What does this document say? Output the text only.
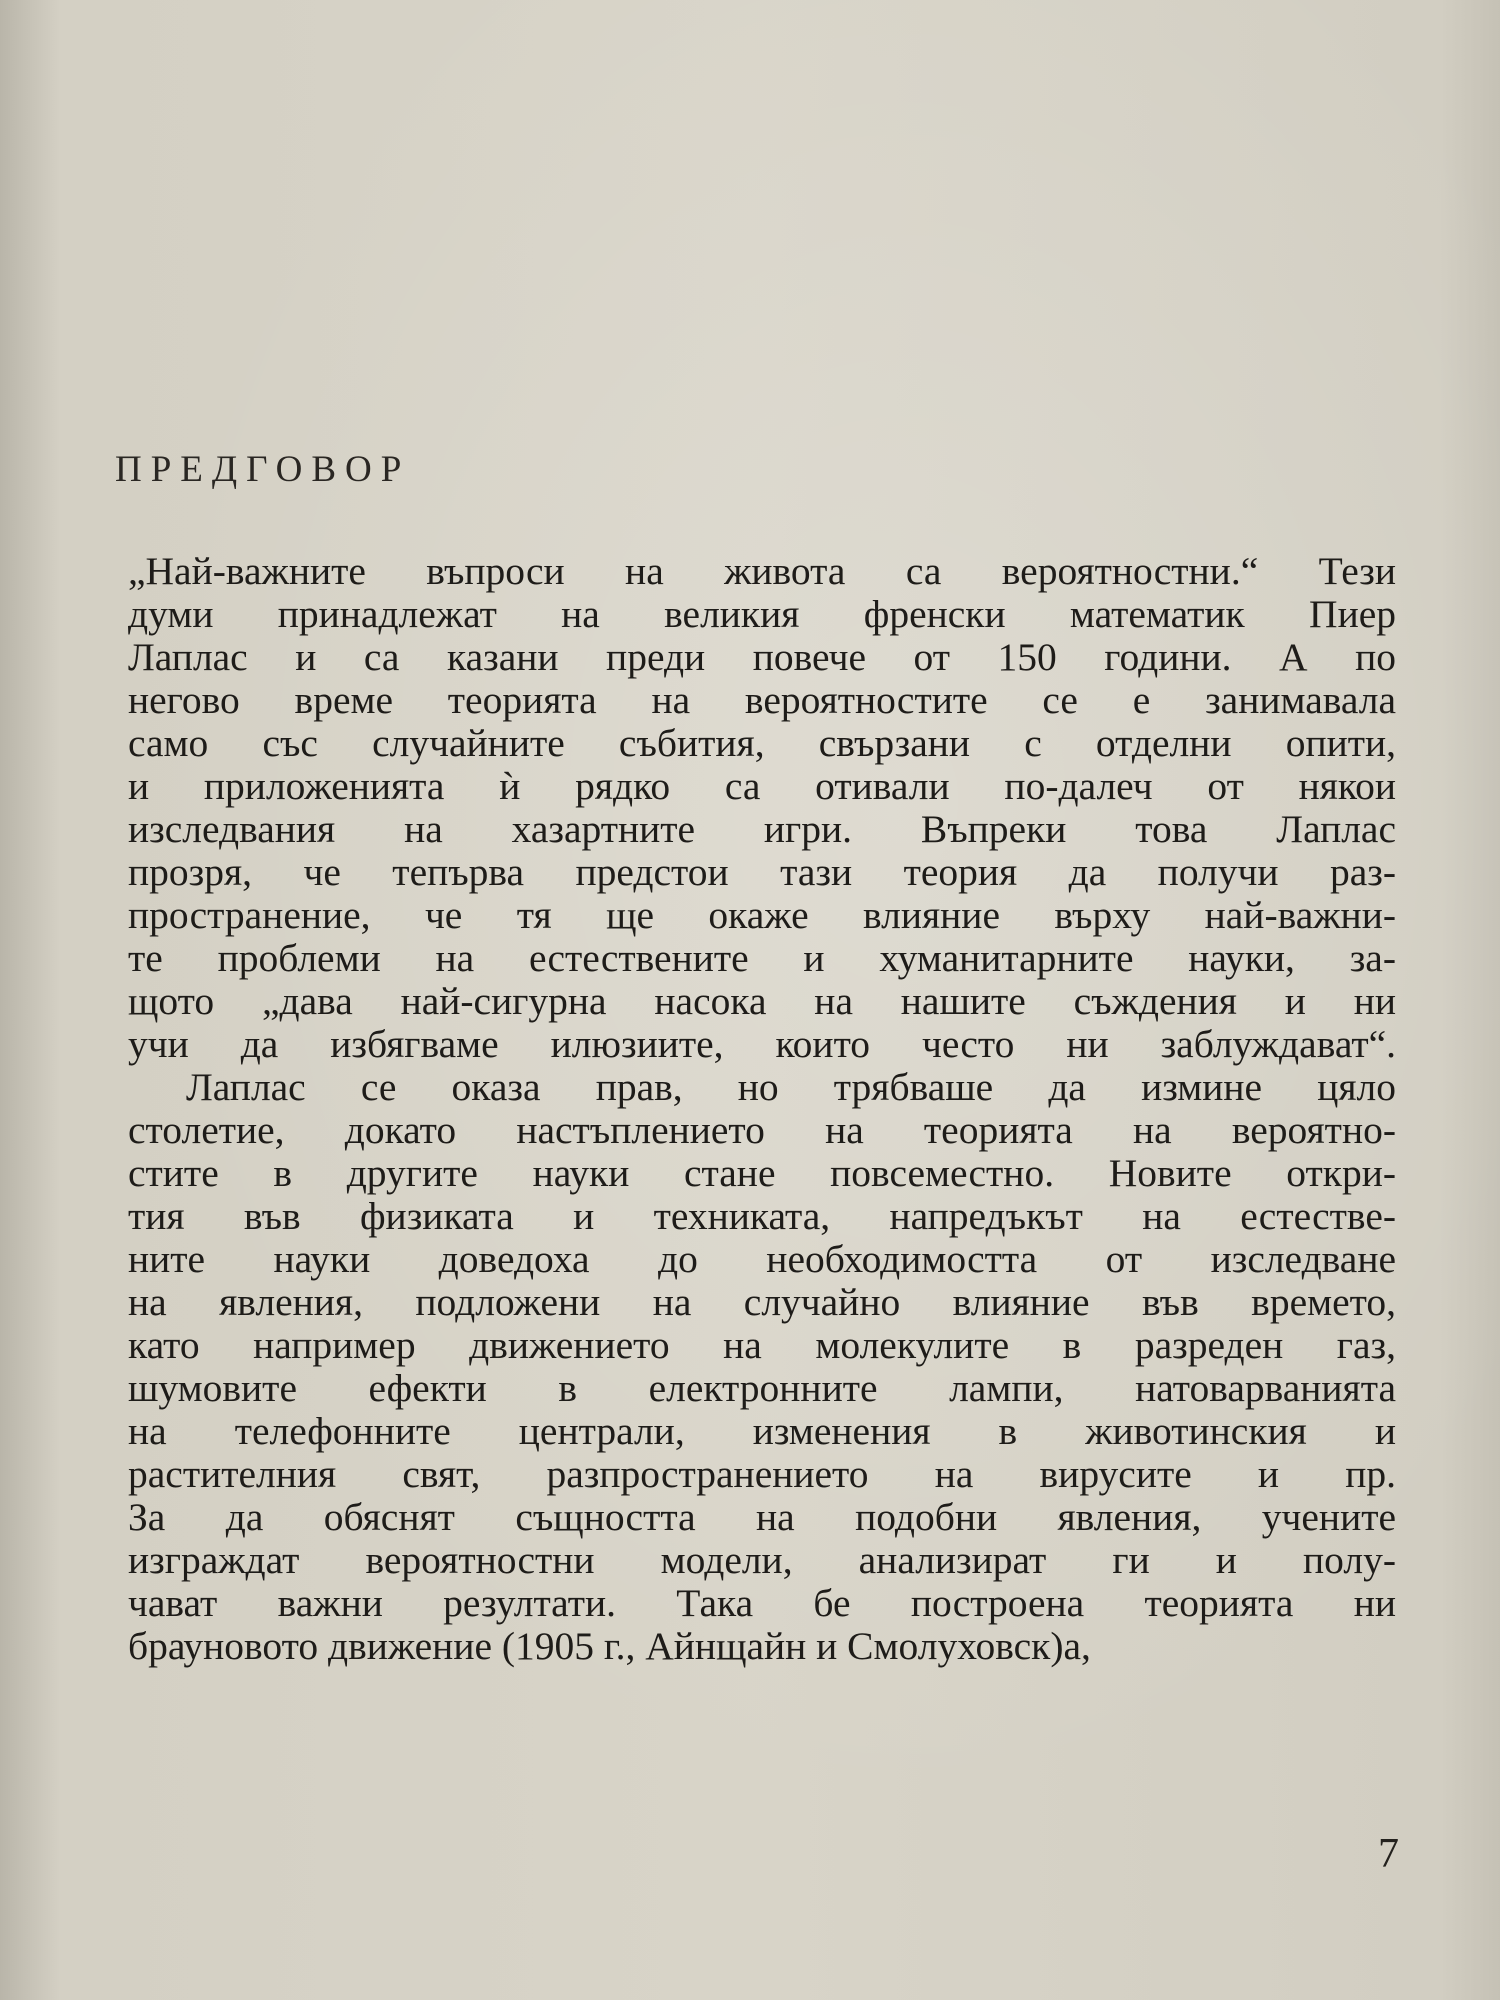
ПРЕДГОВОР
„Най-важните въпроси на живота са вероятностни.“ Тези
думи принадлежат на великия френски математик Пиер
Лаплас и са казани преди повече от 150 години. А по
негово време теорията на вероятностите се е занимавала
само със случайните събития, свързани с отделни опити,
и приложенията ѝ рядко са отивали по-далеч от някои
изследвания на хазартните игри. Въпреки това Лаплас
прозря, че тепърва предстои тази теория да получи раз-
пространение, че тя ще окаже влияние върху най-важни-
те проблеми на естествените и хуманитарните науки, за-
щото „дава най-сигурна насока на нашите съждения и ни
учи да избягваме илюзиите, които често ни заблуждават“.
Лаплас се оказа прав, но трябваше да измине цяло
столетие, докато настъплението на теорията на вероятно-
стите в другите науки стане повсеместно. Новите откри-
тия във физиката и техниката, напредъкът на естестве-
ните науки доведоха до необходимостта от изследване
на явления, подложени на случайно влияние във времето,
като например движението на молекулите в разреден газ,
шумовите ефекти в електронните лампи, натоварванията
на телефонните централи, изменения в животинския и
растителния свят, разпространението на вирусите и пр.
За да обяснят същността на подобни явления, учените
изграждат вероятностни модели, анализират ги и полу-
чават важни резултати. Така бе построена теорията ни
брауновото движение (1905 г., Айнщайн и Смолуховск)а,
7
